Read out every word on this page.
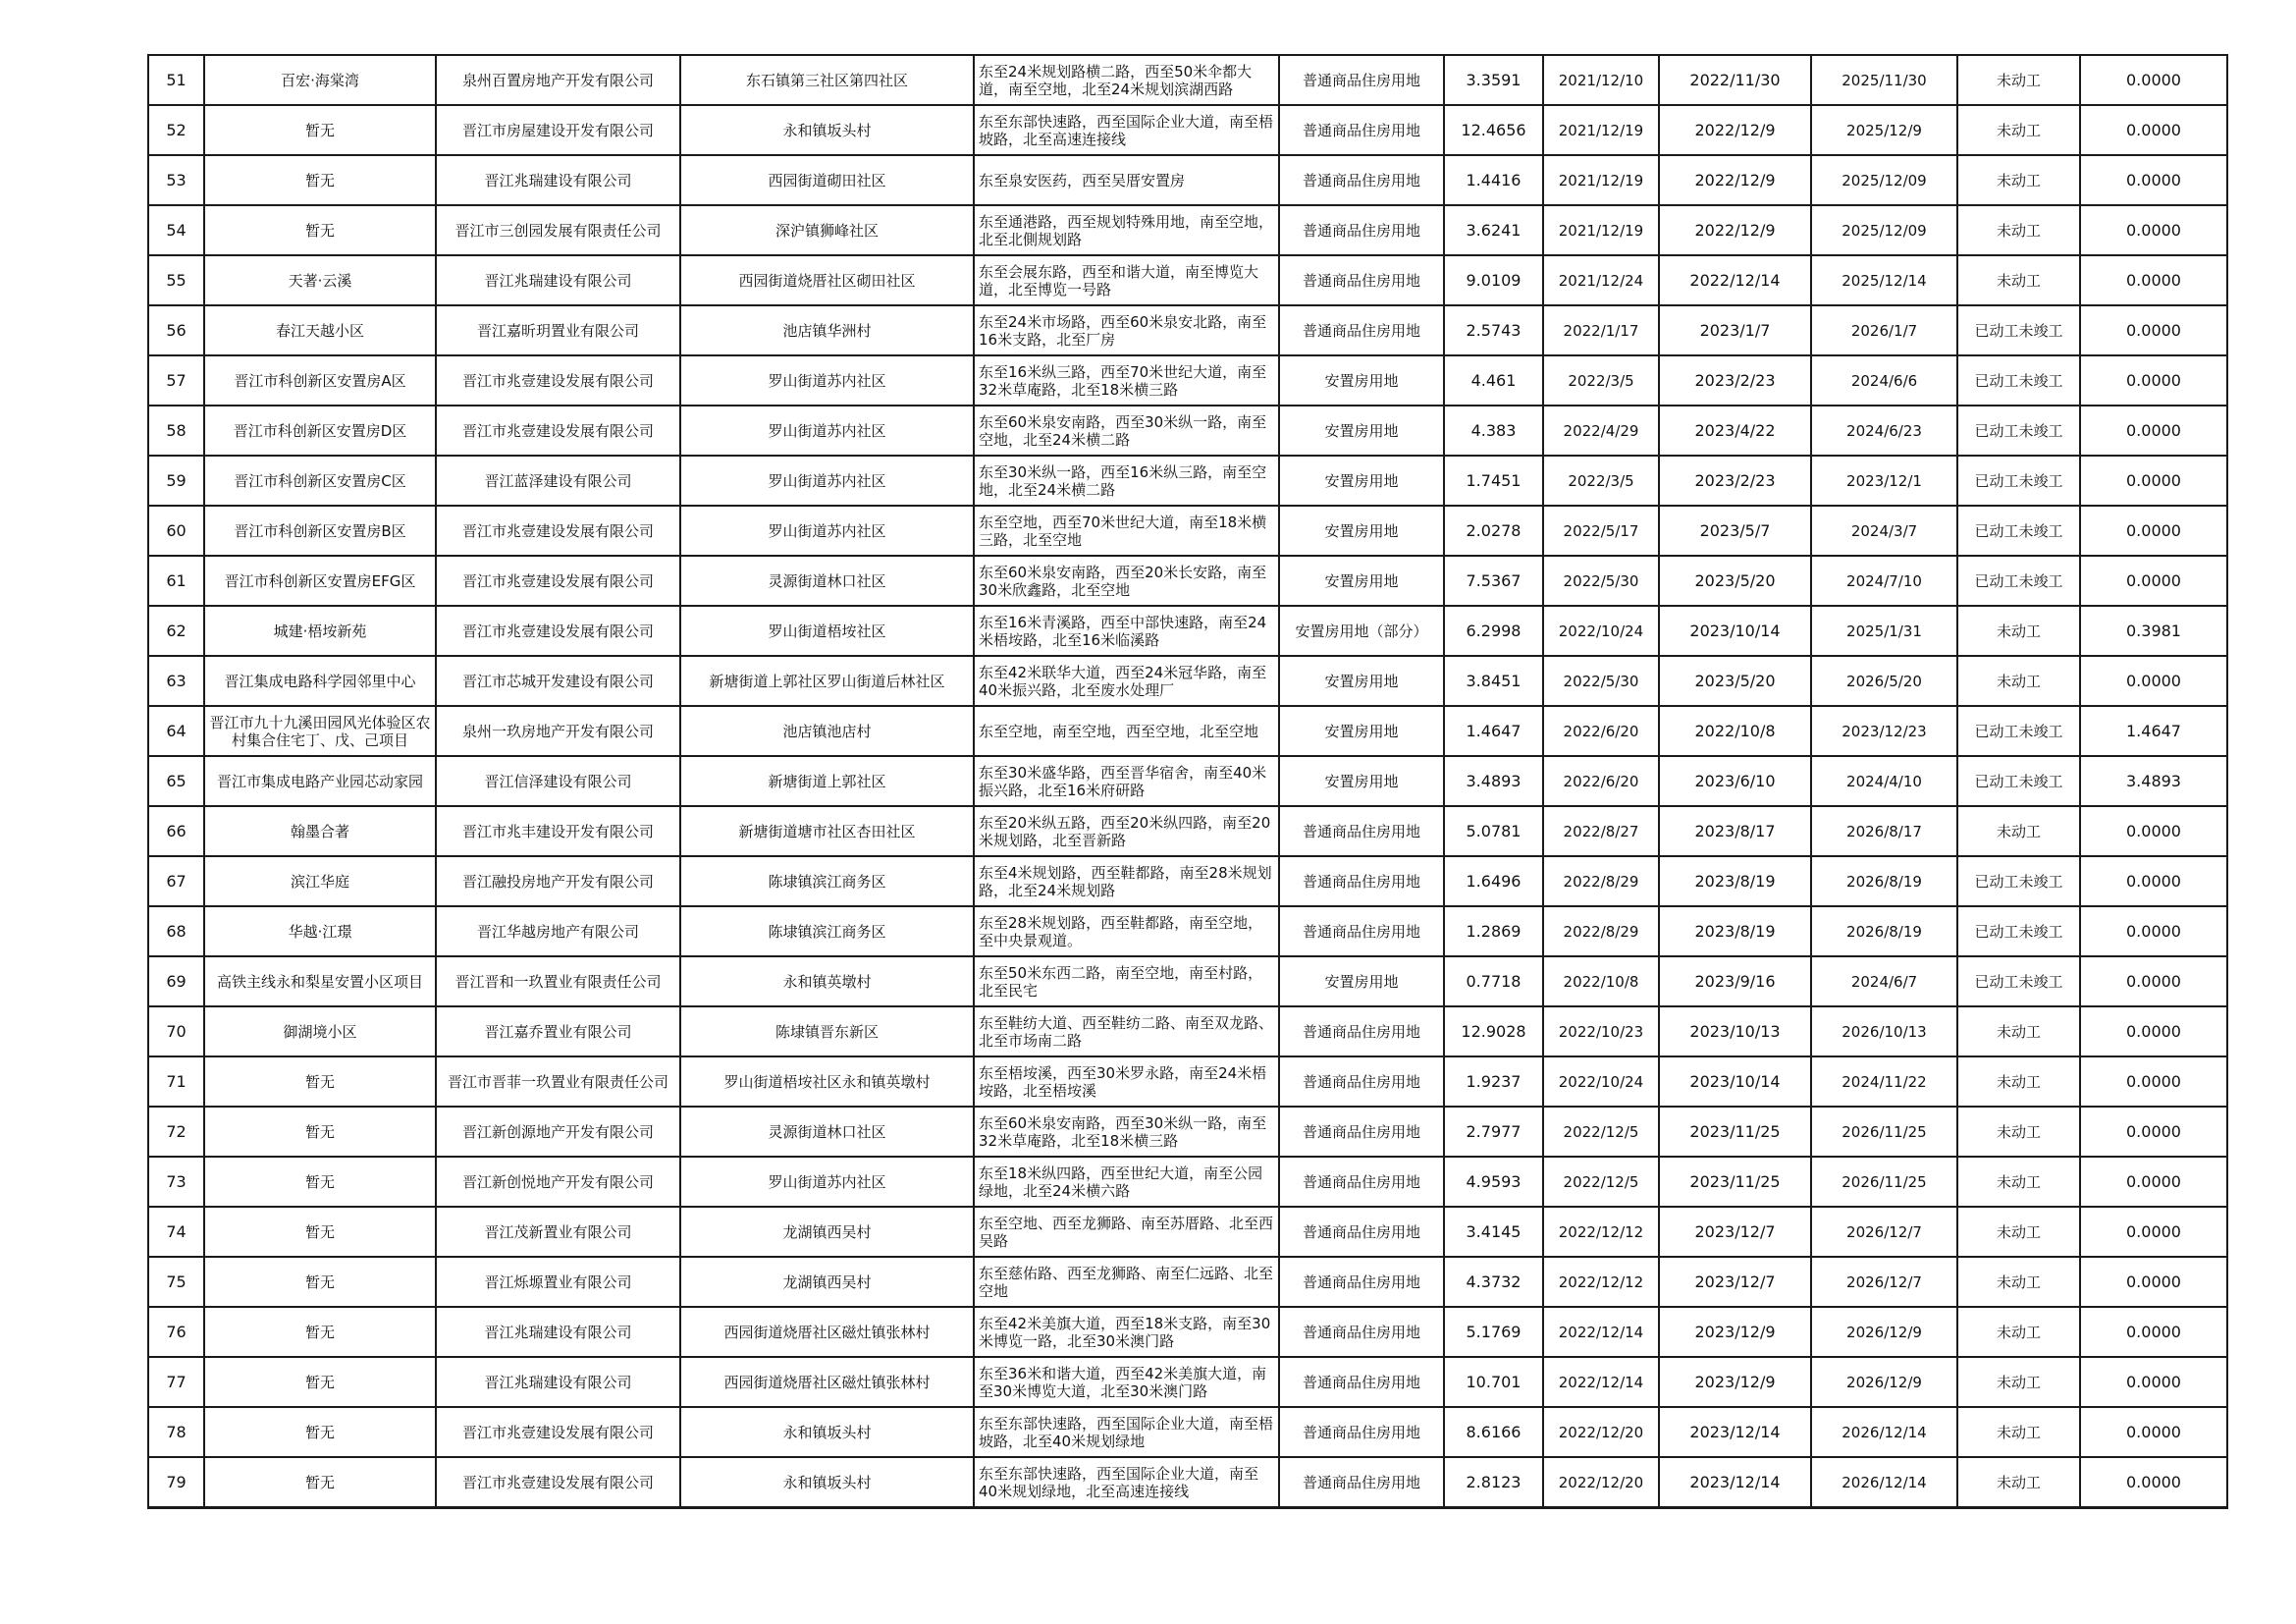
51	百宏·海棠湾	泉州百置房地产开发有限公司	东石镇第三社区第四社区	东至24米规划路横二路，西至50米伞都大道，南至空地，北至24米规划滨湖西路	普通商品住房用地	3.3591	2021/12/10	2022/11/30	2025/11/30	未动工	0.0000
52	暂无	晋江市房屋建设开发有限公司	永和镇坂头村	东至东部快速路，西至国际企业大道，南至梧坡路，北至高速连接线	普通商品住房用地	12.4656	2021/12/19	2022/12/9	2025/12/9	未动工	0.0000
53	暂无	晋江兆瑞建设有限公司	西园街道砌田社区	东至泉安医药，西至吴厝安置房	普通商品住房用地	1.4416	2021/12/19	2022/12/9	2025/12/09	未动工	0.0000
54	暂无	晋江市三创园发展有限责任公司	深沪镇狮峰社区	东至通港路，西至规划特殊用地，南至空地，北至北側规划路	普通商品住房用地	3.6241	2021/12/19	2022/12/9	2025/12/09	未动工	0.0000
55	天著·云溪	晋江兆瑞建设有限公司	西园街道烧厝社区砌田社区	东至会展东路，西至和谐大道，南至博览大道，北至博览一号路	普通商品住房用地	9.0109	2021/12/24	2022/12/14	2025/12/14	未动工	0.0000
56	春江天越小区	晋江嘉昕玥置业有限公司	池店镇华洲村	东至24米市场路，西至60米泉安北路，南至16米支路，北至厂房	普通商品住房用地	2.5743	2022/1/17	2023/1/7	2026/1/7	已动工未竣工	0.0000
57	晋江市科创新区安置房A区	晋江市兆壹建设发展有限公司	罗山街道苏内社区	东至16米纵三路，西至70米世纪大道，南至32米草庵路，北至18米横三路	安置房用地	4.461	2022/3/5	2023/2/23	2024/6/6	已动工未竣工	0.0000
58	晋江市科创新区安置房D区	晋江市兆壹建设发展有限公司	罗山街道苏内社区	东至60米泉安南路，西至30米纵一路，南至空地，北至24米横二路	安置房用地	4.383	2022/4/29	2023/4/22	2024/6/23	已动工未竣工	0.0000
59	晋江市科创新区安置房C区	晋江蓝泽建设有限公司	罗山街道苏内社区	东至30米纵一路，西至16米纵三路，南至空地，北至24米横二路	安置房用地	1.7451	2022/3/5	2023/2/23	2023/12/1	已动工未竣工	0.0000
60	晋江市科创新区安置房B区	晋江市兆壹建设发展有限公司	罗山街道苏内社区	东至空地，西至70米世纪大道，南至18米横三路，北至空地	安置房用地	2.0278	2022/5/17	2023/5/7	2024/3/7	已动工未竣工	0.0000
61	晋江市科创新区安置房EFG区	晋江市兆壹建设发展有限公司	灵源街道林口社区	东至60米泉安南路，西至20米长安路，南至30米欣鑫路，北至空地	安置房用地	7.5367	2022/5/30	2023/5/20	2024/7/10	已动工未竣工	0.0000
62	城建·梧垵新苑	晋江市兆壹建设发展有限公司	罗山街道梧垵社区	东至16米青溪路，西至中部快速路，南至24米梧垵路，北至16米临溪路	安置房用地（部分）	6.2998	2022/10/24	2023/10/14	2025/1/31	未动工	0.3981
63	晋江集成电路科学园邻里中心	晋江市芯城开发建设有限公司	新塘街道上郭社区罗山街道后林社区	东至42米联华大道，西至24米冠华路，南至40米振兴路，北至废水处理厂	安置房用地	3.8451	2022/5/30	2023/5/20	2026/5/20	未动工	0.0000
64	晋江市九十九溪田园风光体验区农村集合住宅丁、戊、己项目	泉州一玖房地产开发有限公司	池店镇池店村	东至空地，南至空地，西至空地，北至空地	安置房用地	1.4647	2022/6/20	2022/10/8	2023/12/23	已动工未竣工	1.4647
65	晋江市集成电路产业园芯动家园	晋江信泽建设有限公司	新塘街道上郭社区	东至30米盛华路，西至晋华宿舍，南至40米振兴路，北至16米府研路	安置房用地	3.4893	2022/6/20	2023/6/10	2024/4/10	已动工未竣工	3.4893
66	翰墨合著	晋江市兆丰建设开发有限公司	新塘街道塘市社区杏田社区	东至20米纵五路，西至20米纵四路，南至20米规划路，北至晋新路	普通商品住房用地	5.0781	2022/8/27	2023/8/17	2026/8/17	未动工	0.0000
67	滨江华庭	晋江融投房地产开发有限公司	陈埭镇滨江商务区	东至4米规划路，西至鞋都路，南至28米规划路，北至24米规划路	普通商品住房用地	1.6496	2022/8/29	2023/8/19	2026/8/19	已动工未竣工	0.0000
68	华越·江璟	晋江华越房地产有限公司	陈埭镇滨江商务区	东至28米规划路，西至鞋都路，南至空地，至中央景观道。	普通商品住房用地	1.2869	2022/8/29	2023/8/19	2026/8/19	已动工未竣工	0.0000
69	高铁主线永和梨星安置小区项目	晋江晋和一玖置业有限责任公司	永和镇英墩村	东至50米东西二路，南至空地，南至村路，北至民宅	安置房用地	0.7718	2022/10/8	2023/9/16	2024/6/7	已动工未竣工	0.0000
70	御湖境小区	晋江嘉乔置业有限公司	陈埭镇晋东新区	东至鞋纺大道、西至鞋纺二路、南至双龙路、北至市场南二路	普通商品住房用地	12.9028	2022/10/23	2023/10/13	2026/10/13	未动工	0.0000
71	暂无	晋江市晋菲一玖置业有限责任公司	罗山街道梧垵社区永和镇英墩村	东至梧垵溪，西至30米罗永路，南至24米梧垵路，北至梧垵溪	普通商品住房用地	1.9237	2022/10/24	2023/10/14	2024/11/22	未动工	0.0000
72	暂无	晋江新创源地产开发有限公司	灵源街道林口社区	东至60米泉安南路，西至30米纵一路，南至32米草庵路，北至18米横三路	普通商品住房用地	2.7977	2022/12/5	2023/11/25	2026/11/25	未动工	0.0000
73	暂无	晋江新创悦地产开发有限公司	罗山街道苏内社区	东至18米纵四路，西至世纪大道，南至公园绿地，北至24米横六路	普通商品住房用地	4.9593	2022/12/5	2023/11/25	2026/11/25	未动工	0.0000
74	暂无	晋江茂新置业有限公司	龙湖镇西吴村	东至空地、西至龙狮路、南至苏厝路、北至西吴路	普通商品住房用地	3.4145	2022/12/12	2023/12/7	2026/12/7	未动工	0.0000
75	暂无	晋江烁塬置业有限公司	龙湖镇西吴村	东至慈佑路、西至龙狮路、南至仁远路、北至空地	普通商品住房用地	4.3732	2022/12/12	2023/12/7	2026/12/7	未动工	0.0000
76	暂无	晋江兆瑞建设有限公司	西园街道烧厝社区磁灶镇张林村	东至42米美旗大道，西至18米支路，南至30米博览一路，北至30米澳门路	普通商品住房用地	5.1769	2022/12/14	2023/12/9	2026/12/9	未动工	0.0000
77	暂无	晋江兆瑞建设有限公司	西园街道烧厝社区磁灶镇张林村	东至36米和谐大道，西至42米美旗大道，南至30米博览大道，北至30米澳门路	普通商品住房用地	10.701	2022/12/14	2023/12/9	2026/12/9	未动工	0.0000
78	暂无	晋江市兆壹建设发展有限公司	永和镇坂头村	东至东部快速路，西至国际企业大道，南至梧坡路，北至40米规划绿地	普通商品住房用地	8.6166	2022/12/20	2023/12/14	2026/12/14	未动工	0.0000
79	暂无	晋江市兆壹建设发展有限公司	永和镇坂头村	东至东部快速路，西至国际企业大道，南至40米规划绿地，北至高速连接线	普通商品住房用地	2.8123	2022/12/20	2023/12/14	2026/12/14	未动工	0.0000
